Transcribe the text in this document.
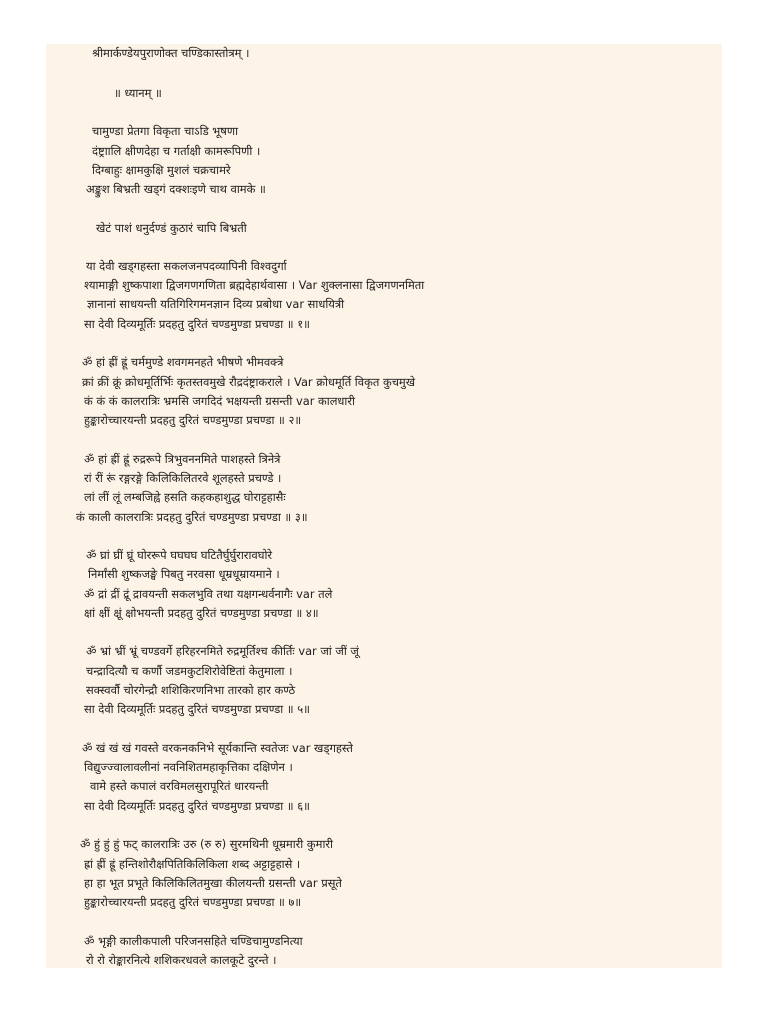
श्रीमार्कण्डेयपुराणोक्त चण्डिकास्तोत्रम् ।
॥ ध्यानम् ॥
चामुण्डा प्रेतगा विकृता चाऽडि भूषणा
दंष्ट्राालि क्षीणदेहा च गर्ताक्षी कामरूपिणी ।
दिग्बाहुः क्षामकुक्षि मुशलं चक्रचामरे
अङ्कुश बिभ्रती खड्गं दक्शःइणे चाथ वामके ॥
खेटं पाशं धनुर्दण्डं कुठारं चापि बिभ्रती
या देवी खड्गहस्ता सकलजनपदव्यापिनी विश्वदुर्गा
श्यामाङ्गी शुष्कपाशा द्विजगणगणिता ब्रह्मदेहार्थवासा । Var शुक्लनासा द्विजगणनमिता
ज्ञानानां साधयन्ती यतिगिरिगमनज्ञान दिव्य प्रबोधा var साधयित्री
सा देवी दिव्यमूर्तिः प्रदहतु दुरितं चण्डमुण्डा प्रचण्डा ॥ १॥
ॐ हां ह्रीं ह्रूं चर्ममुण्डे शवगमनहते भीषणे भीमवक्त्रे
क्रां क्रीं क्रूं क्रोधमूर्तिर्भिः कृतस्तवमुखे रौद्रदंष्ट्राकराले । Var क्रोधमूर्ति विकृत कुचमुखे
कं कं कं कालरात्रिः भ्रमसि जगदिदं भक्षयन्ती ग्रसन्ती var कालधारी
हुङ्कारोच्चारयन्ती प्रदहतु दुरितं चण्डमुण्डा प्रचण्डा ॥ २॥
ॐ हां ह्रीं ह्रूं रुद्ररूपे त्रिभुवननमिते पाशहस्ते त्रिनेत्रे
रां रीं रूं रङ्गरङ्गे किलिकिलितरवे शूलहस्ते प्रचण्डे ।
लां लीं लूं लम्बजिह्वे हसति कहकहाशुद्ध घोराट्टहासैः
कं काली कालरात्रिः प्रदहतु दुरितं चण्डमुण्डा प्रचण्डा ॥ ३॥
ॐ घ्रां घ्रीं घ्रूं घोररूपे घघघघ घटितैर्घुर्घुरारावघोरे
निर्मांसी शुष्कजङ्घे पिबतु नरवसा धूम्रधूम्रायमाने ।
ॐ द्रां द्रीं द्रूं द्रावयन्ती सकलभुवि तथा यक्षगन्धर्वनागैः var तले
क्षां क्षीं क्षूं क्षोभयन्ती प्रदहतु दुरितं चण्डमुण्डा प्रचण्डा ॥ ४॥
ॐ भ्रां भ्रीं भ्रूं चण्डवर्गे हरिहरनमिते रुद्रमूर्तिश्च कीर्तिः var जां जीं जूं
चन्द्रादित्यौ च कर्णौ जडमकुटशिरोवेष्टितां केतुमाला ।
सक्स्वर्वौ चोरगेन्द्रौ शशिकिरणनिभा तारको हार कण्ठे
सा देवी दिव्यमूर्तिः प्रदहतु दुरितं चण्डमुण्डा प्रचण्डा ॥ ५॥
ॐ खं खं खं गवस्ते वरकनकनिभे सूर्यकान्ति स्वतेजः var खड्गहस्ते
विद्युज्ज्वालावलीनां नवनिशितमहाकृत्तिका दक्षिणेन ।
वामे हस्ते कपालं वरविमलसुरापूरितं धारयन्ती
सा देवी दिव्यमूर्तिः प्रदहतु दुरितं चण्डमुण्डा प्रचण्डा ॥ ६॥
ॐ हुं हुं हुं फट् कालरात्रिः उरु (रु रु) सुरमथिनी धूम्रमारी कुमारी
ह्रां ह्रीं ह्रूं हन्तिशोरौक्षपितिकिलिकिला शब्द अट्टाट्टहासे ।
हा हा भूत प्रभूते किलिकिलितमुखा कीलयन्ती ग्रसन्ती var प्रसूते
हुङ्कारोच्चारयन्ती प्रदहतु दुरितं चण्डमुण्डा प्रचण्डा ॥ ७॥
ॐ भृङ्गी कालीकपाली परिजनसहिते चण्डिचामुण्डनित्या
रो रो रोङ्कारनित्ये शशिकरधवले कालकूटे दुरन्ते ।
